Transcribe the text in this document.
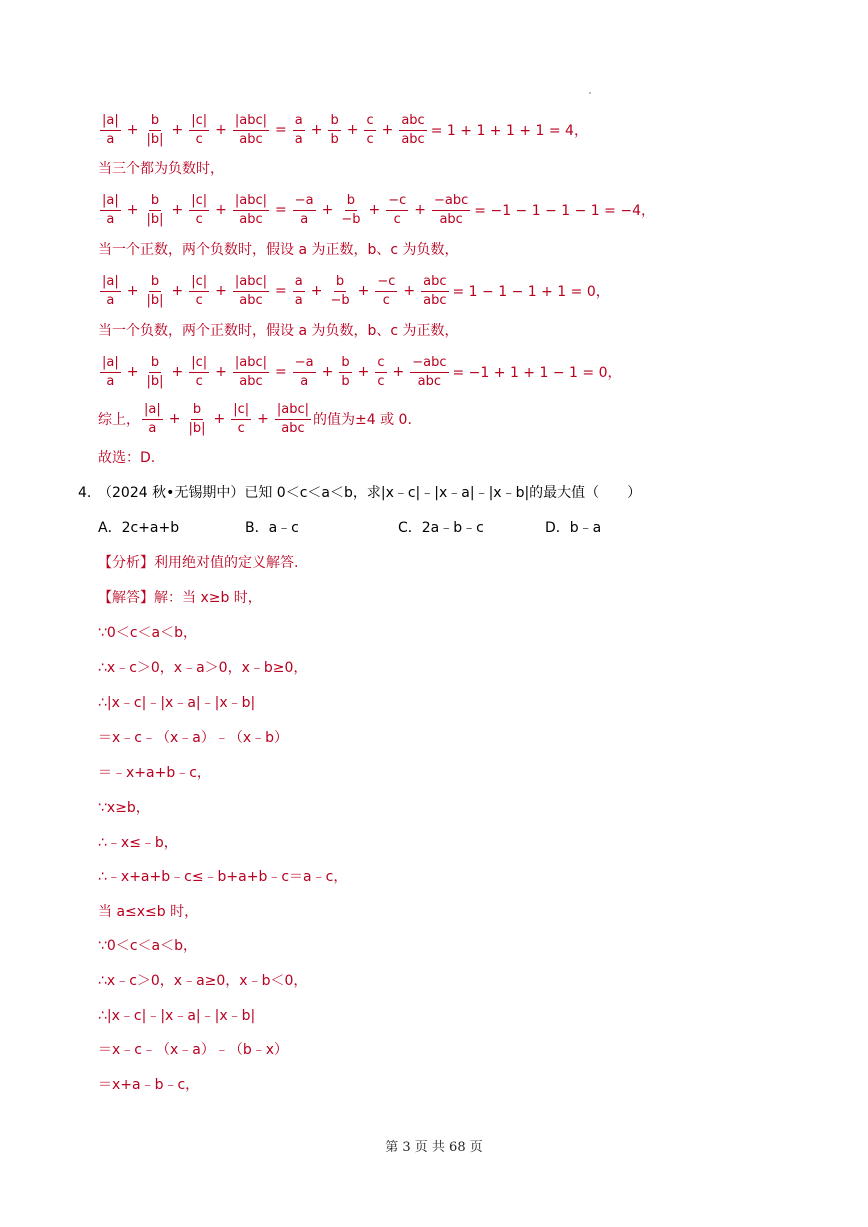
$\frac{|a|}{a} + \frac{b}{|b|} + \frac{|c|}{c} + \frac{\text{|abc|}}{\text{abc}} = \frac{a}{a} + \frac{b}{b} + \frac{c}{c} + \frac{\text{abc}}{\text{abc}} = 1 + 1 + 1 + 1 = 4$，
当三个都为负数时，
$\frac{|a|}{a} + \frac{b}{|b|} + \frac{|c|}{c} + \frac{\text{|abc|}}{\text{abc}} = \frac{-a}{a} + \frac{b}{-b} + \frac{-c}{c} + \frac{\text{−abc}}{\text{abc}} = -1 - 1 - 1 - 1 = -4$，
当一个正数，两个负数时，假设 a 为正数，b、c 为负数，
$\frac{|a|}{a} + \frac{b}{|b|} + \frac{|c|}{c} + \frac{\text{|abc|}}{\text{abc}} = \frac{a}{a} + \frac{b}{-b} + \frac{-c}{c} + \frac{\text{abc}}{\text{abc}} = 1 - 1 - 1 + 1 = 0$，
当一个负数，两个正数时，假设 a 为负数，b、c 为正数，
$\frac{|a|}{a} + \frac{b}{|b|} + \frac{|c|}{c} + \frac{\text{|abc|}}{\text{abc}} = \frac{-a}{a} + \frac{b}{b} + \frac{c}{c} + \frac{\text{−abc}}{\text{abc}} = -1 + 1 + 1 - 1 = 0$，
综上， $\frac{|a|}{a} + \frac{b}{|b|} + \frac{|c|}{c} + \frac{\text{|abc|}}{\text{abc}}$ 的值为±4 或 0.
故选：D.
4. （2024 秋•无锡期中）已知 0＜c＜a＜b，求|x﹣c|﹣|x﹣a|﹣|x﹣b|的最大值（　　）
A．2c+a+b	B．a﹣c	C．2a﹣b﹣c	D．b﹣a
【分析】利用绝对值的定义解答.
【解答】解：当 x≥b 时，
∵0＜c＜a＜b，
∴x﹣c＞0，x﹣a＞0，x﹣b≥0，
∴|x﹣c|﹣|x﹣a|﹣|x﹣b|
＝x﹣c﹣（x﹣a）﹣（x﹣b）
＝﹣x+a+b﹣c，
∵x≥b，
∴﹣x≤﹣b，
∴﹣x+a+b﹣c≤﹣b+a+b﹣c＝a﹣c，
当 a≤x≤b 时，
∵0＜c＜a＜b，
∴x﹣c＞0，x﹣a≥0，x﹣b＜0，
∴|x﹣c|﹣|x﹣a|﹣|x﹣b|
＝x﹣c﹣（x﹣a）﹣（b﹣x）
＝x+a﹣b﹣c，
第 3 页 共 68 页
